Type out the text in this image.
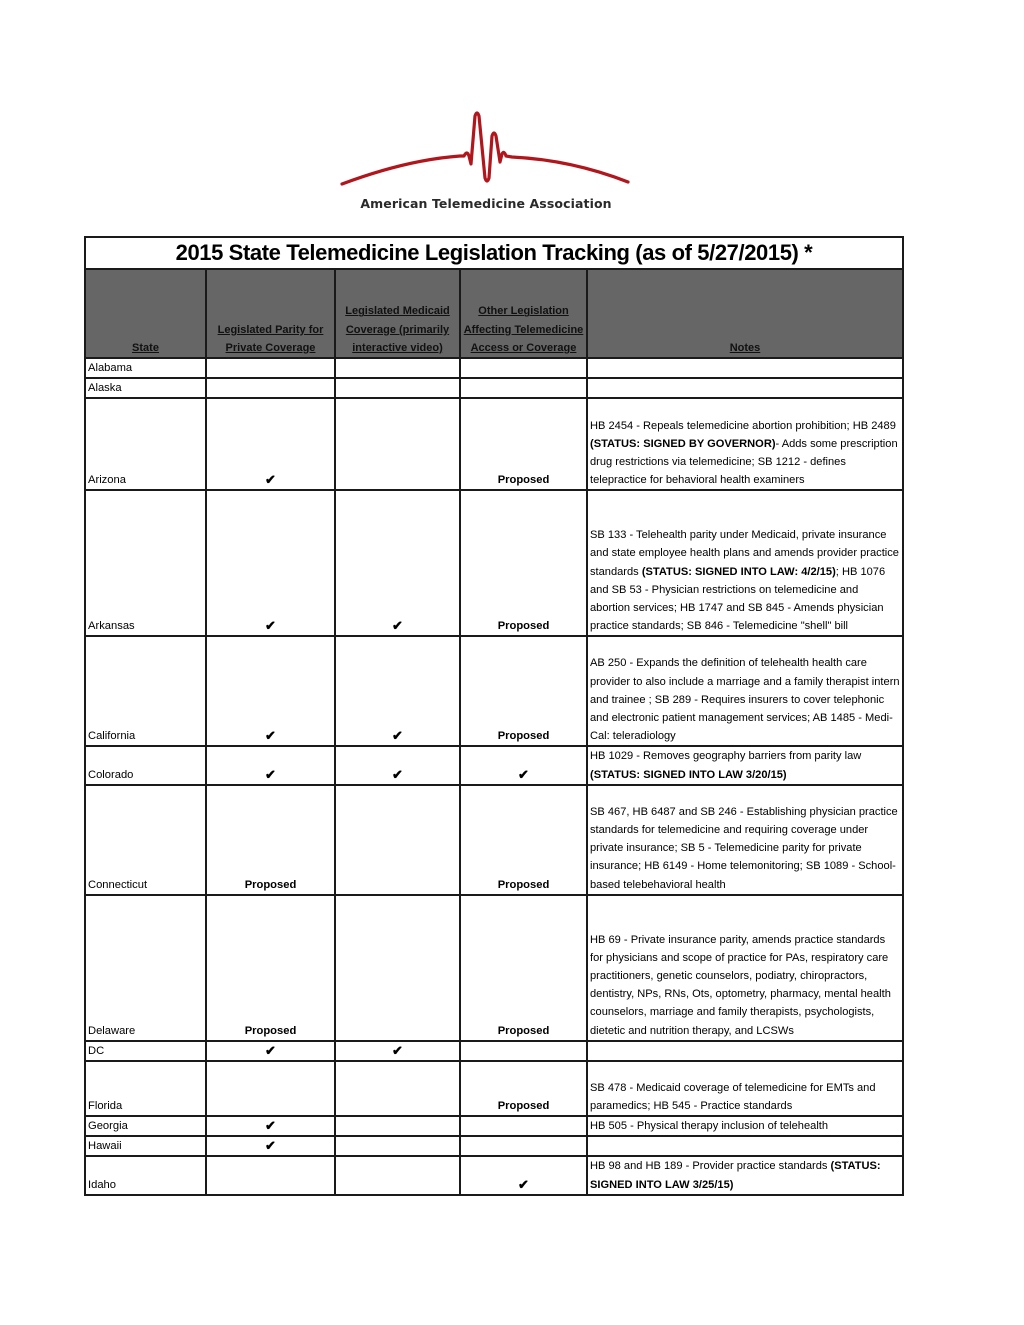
American Telemedicine Association
2015 State Telemedicine Legislation Tracking (as of 5/27/2015) *				
State	Legislated Parity for Private Coverage	Legislated Medicaid Coverage (primarily interactive video)	Other Legislation Affecting Telemedicine Access or Coverage	Notes
Alabama				
Alaska				
Arizona	✔		Proposed	HB 2454 - Repeals telemedicine abortion prohibition; HB 2489 (STATUS: SIGNED BY GOVERNOR)- Adds some prescription drug restrictions via telemedicine; SB 1212 - defines telepractice for behavioral health examiners
Arkansas	✔	✔	Proposed	SB 133 - Telehealth parity under Medicaid, private insurance and state employee health plans and amends provider practice standards (STATUS: SIGNED INTO LAW: 4/2/15); HB 1076 and SB 53 - Physician restrictions on telemedicine and abortion services; HB 1747 and SB 845 - Amends physician practice standards; SB 846 - Telemedicine "shell" bill
California	✔	✔	Proposed	AB 250 - Expands the definition of telehealth health care provider to also include a marriage and a family therapist intern and trainee ; SB 289 - Requires insurers to cover telephonic and electronic patient management services; AB 1485 - Medi-Cal: teleradiology
Colorado	✔	✔	✔	HB 1029 - Removes geography barriers from parity law (STATUS: SIGNED INTO LAW 3/20/15)
Connecticut	Proposed		Proposed	SB 467, HB 6487 and SB 246 - Establishing physician practice standards for telemedicine and requiring coverage under private insurance; SB 5 - Telemedicine parity for private insurance; HB 6149 - Home telemonitoring; SB 1089 - School-based telebehavioral health
Delaware	Proposed		Proposed	HB 69 - Private insurance parity, amends practice standards for physicians and scope of practice for PAs, respiratory care practitioners, genetic counselors, podiatry, chiropractors, dentistry, NPs, RNs, Ots, optometry, pharmacy, mental health counselors, marriage and family therapists, psychologists, dietetic and nutrition therapy, and LCSWs
DC	✔	✔		
Florida			Proposed	SB 478 - Medicaid coverage of telemedicine for EMTs and paramedics; HB 545 - Practice standards
Georgia	✔			HB 505 - Physical therapy inclusion of telehealth
Hawaii	✔			
Idaho			✔	HB 98 and HB 189 - Provider practice standards (STATUS: SIGNED INTO LAW 3/25/15)
